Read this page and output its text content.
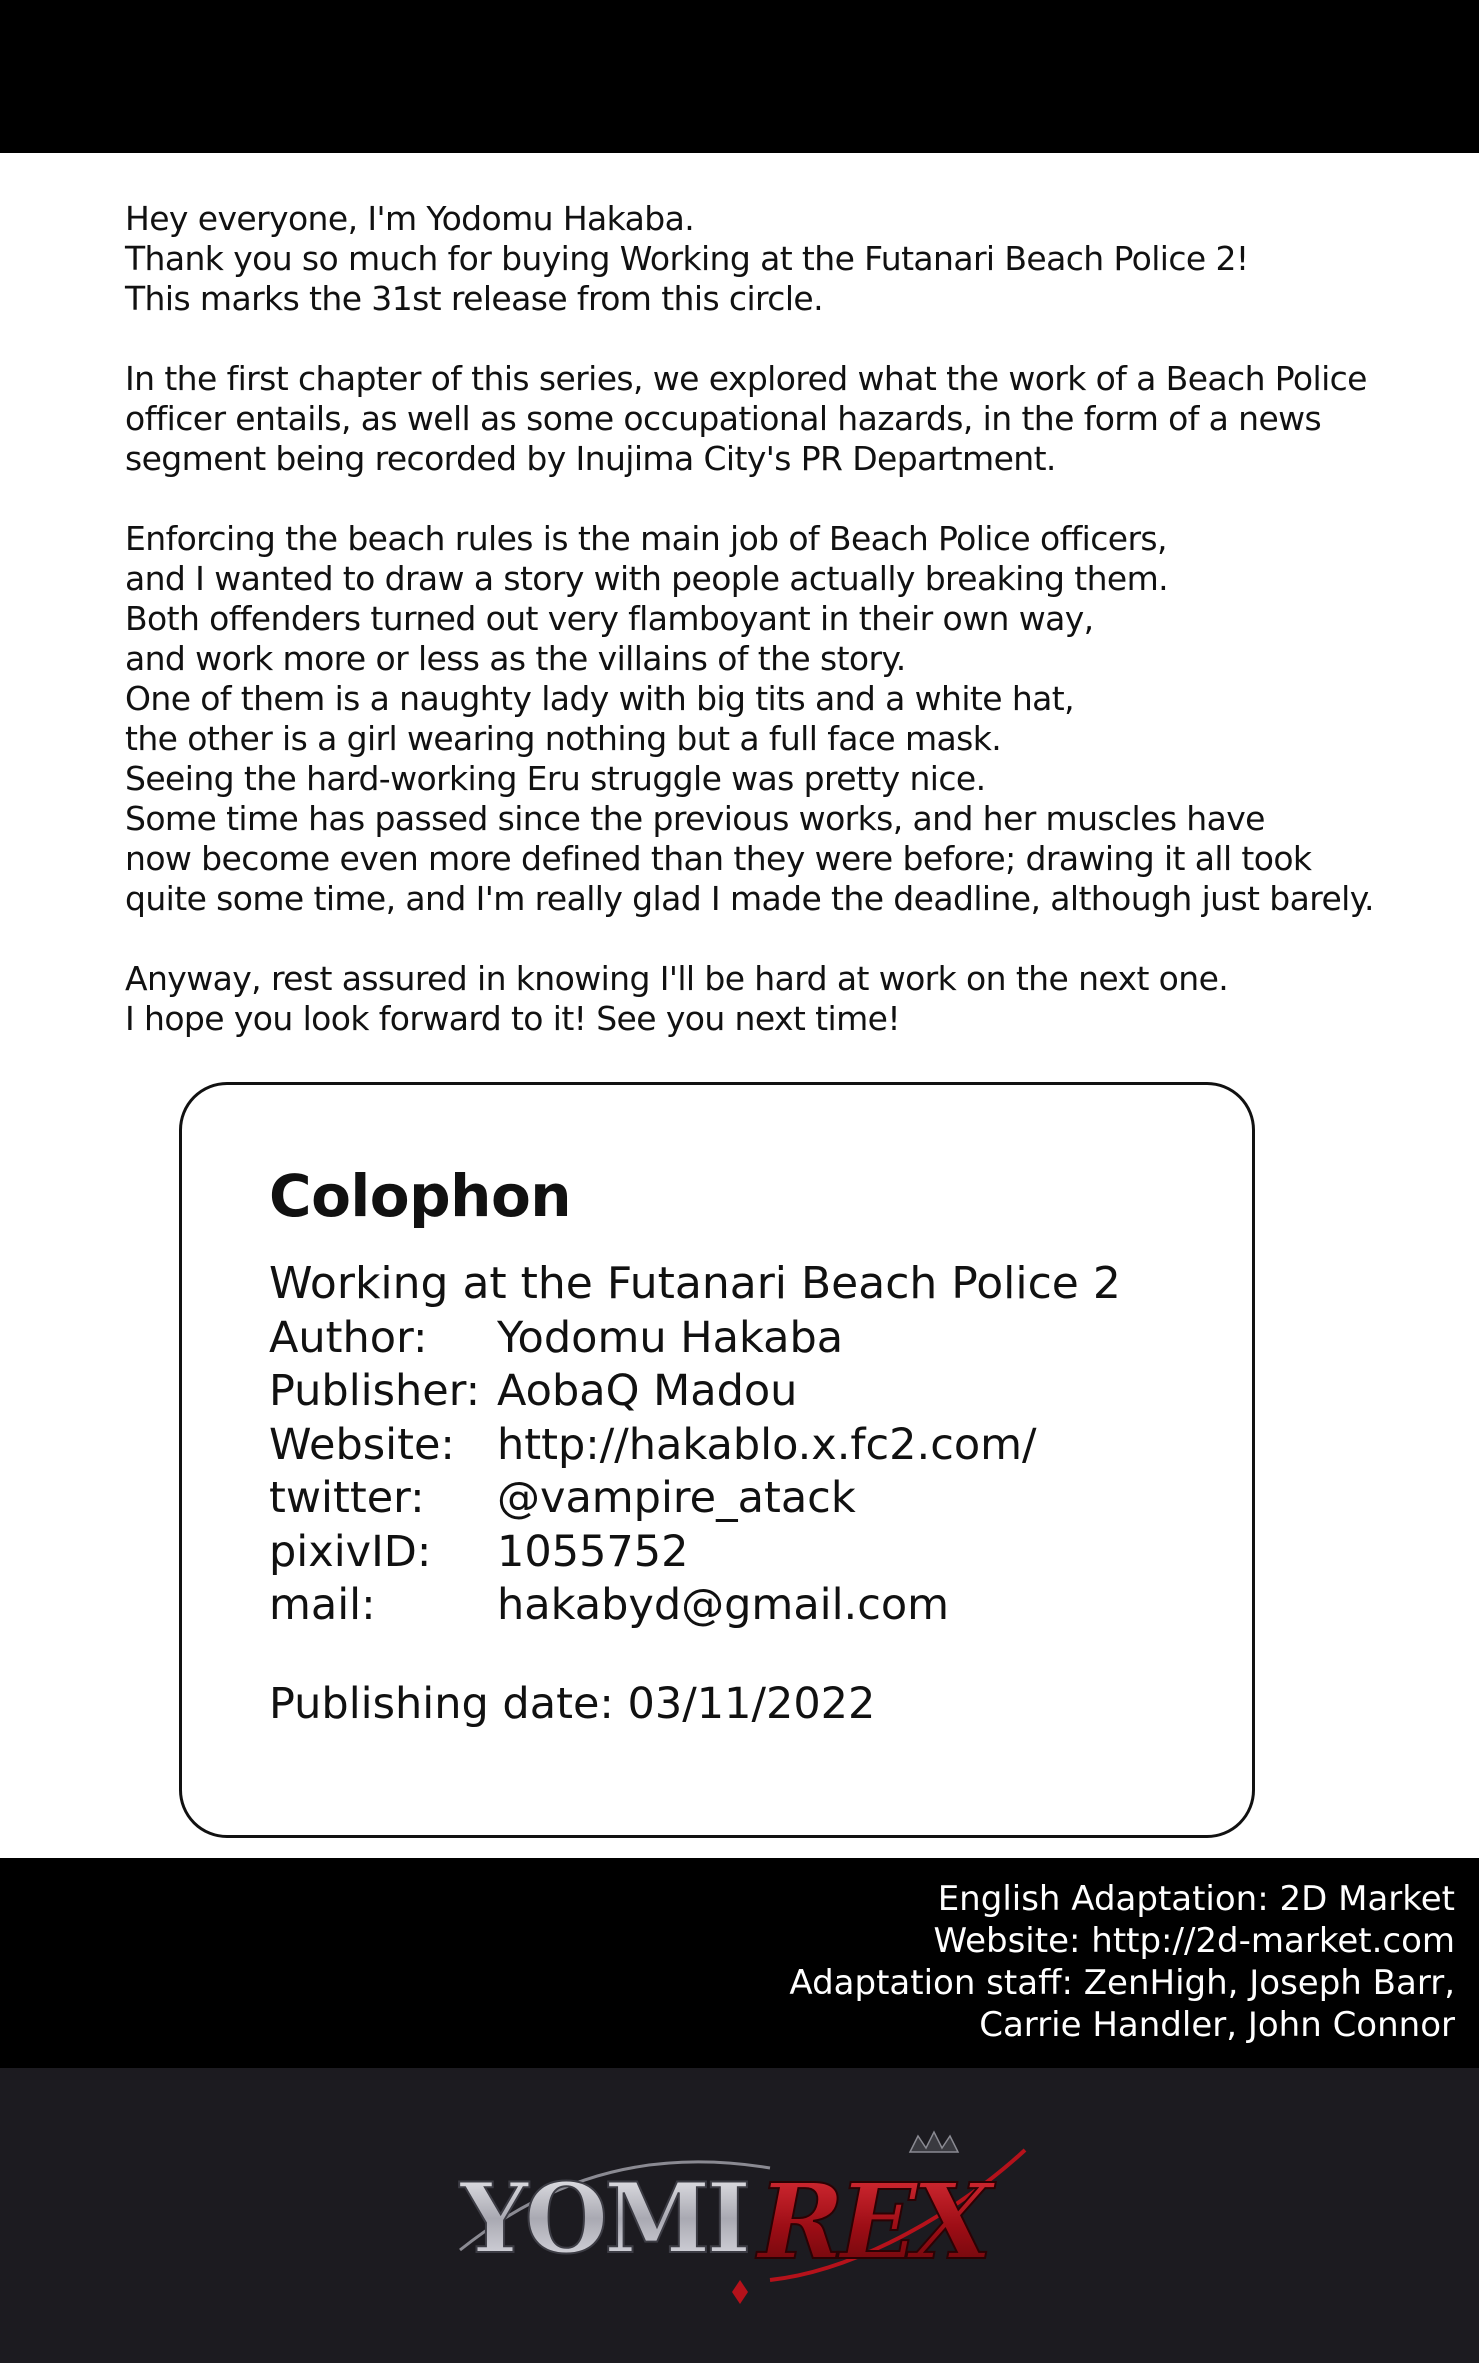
Hey everyone, I'm Yodomu Hakaba.
Thank you so much for buying Working at the Futanari Beach Police 2!
This marks the 31st release from this circle.
In the first chapter of this series, we explored what the work of a Beach Police
officer entails, as well as some occupational hazards, in the form of a news
segment being recorded by Inujima City's PR Department.
Enforcing the beach rules is the main job of Beach Police officers,
and I wanted to draw a story with people actually breaking them.
Both offenders turned out very flamboyant in their own way,
and work more or less as the villains of the story.
One of them is a naughty lady with big tits and a white hat,
the other is a girl wearing nothing but a full face mask.
Seeing the hard-working Eru struggle was pretty nice.
Some time has passed since the previous works, and her muscles have
now become even more defined than they were before; drawing it all took
quite some time, and I'm really glad I made the deadline, although just barely.
Anyway, rest assured in knowing I'll be hard at work on the next one.
I hope you look forward to it! See you next time!
Colophon
Working at the Futanari Beach Police 2
Author:	Yodomu Hakaba
Publisher: AobaQ Madou
Website: http://hakablo.x.fc2.com/
twitter:	@vampire_atack
pixivID:	1055752
mail:	hakabyd@gmail.com
Publishing date: 03/11/2022
English Adaptation: 2D Market
Website: http://2d-market.com
Adaptation staff: ZenHigh, Joseph Barr,
Carrie Handler, John Connor
YOMI REX
